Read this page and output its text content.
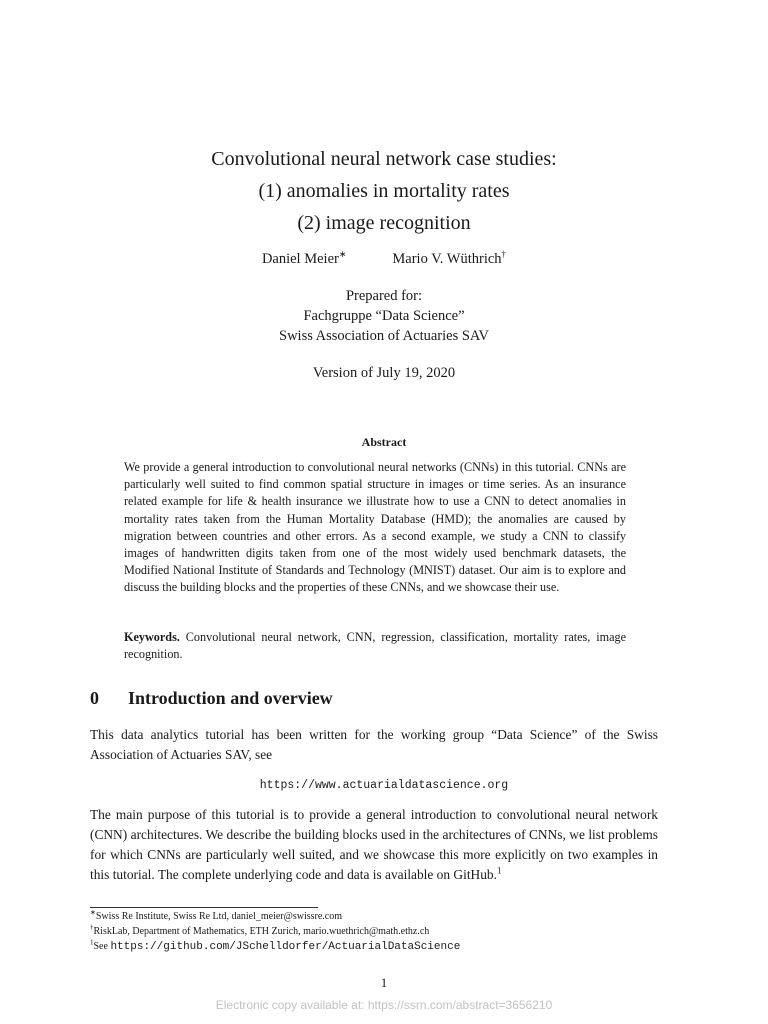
Convolutional neural network case studies:
(1) anomalies in mortality rates
(2) image recognition
Daniel Meier∗	Mario V. Wüthrich†
Prepared for:
Fachgruppe “Data Science”
Swiss Association of Actuaries SAV
Version of July 19, 2020
Abstract
We provide a general introduction to convolutional neural networks (CNNs) in this tutorial. CNNs are particularly well suited to find common spatial structure in images or time series. As an insurance related example for life & health insurance we illustrate how to use a CNN to detect anomalies in mortality rates taken from the Human Mortality Database (HMD); the anomalies are caused by migration between countries and other errors. As a second example, we study a CNN to classify images of handwritten digits taken from one of the most widely used benchmark datasets, the Modified National Institute of Standards and Technology (MNIST) dataset. Our aim is to explore and discuss the building blocks and the properties of these CNNs, and we showcase their use.
Keywords. Convolutional neural network, CNN, regression, classification, mortality rates, image recognition.
0 Introduction and overview
This data analytics tutorial has been written for the working group “Data Science” of the Swiss Association of Actuaries SAV, see
https://www.actuarialdatascience.org
The main purpose of this tutorial is to provide a general introduction to convolutional neural network (CNN) architectures. We describe the building blocks used in the architectures of CNNs, we list problems for which CNNs are particularly well suited, and we showcase this more explicitly on two examples in this tutorial. The complete underlying code and data is available on GitHub.$^1$
∗Swiss Re Institute, Swiss Re Ltd, daniel_meier@swissre.com
†RiskLab, Department of Mathematics, ETH Zurich, mario.wuethrich@math.ethz.ch
$^1$See https://github.com/JSchelldorfer/ActuarialDataScience
1
Electronic copy available at: https://ssrn.com/abstract=3656210
